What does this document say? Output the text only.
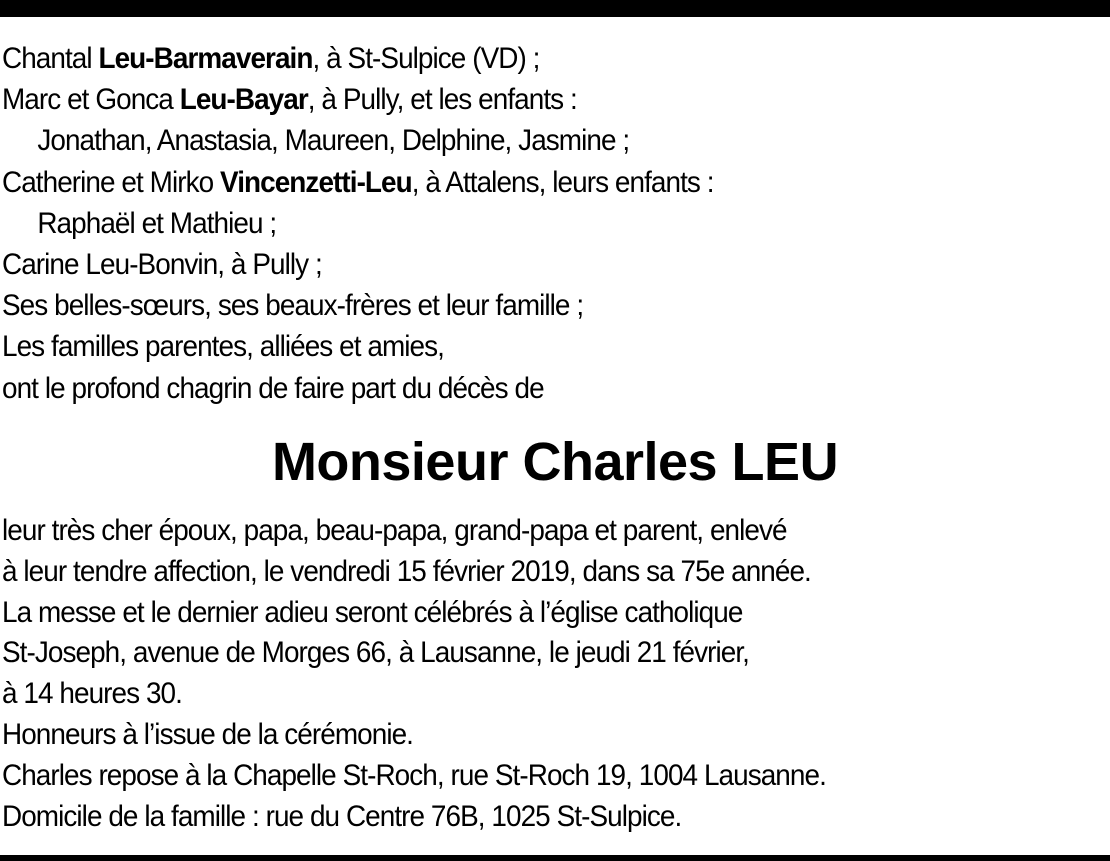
Chantal Leu-Barmaverain, à St-Sulpice (VD) ;
Marc et Gonca Leu-Bayar, à Pully, et les enfants :
Jonathan, Anastasia, Maureen, Delphine, Jasmine ;
Catherine et Mirko Vincenzetti-Leu, à Attalens, leurs enfants :
Raphaël et Mathieu ;
Carine Leu-Bonvin, à Pully ;
Ses belles-sœurs, ses beaux-frères et leur famille ;
Les familles parentes, alliées et amies,
ont le profond chagrin de faire part du décès de
Monsieur Charles LEU
leur très cher époux, papa, beau-papa, grand-papa et parent, enlevé
à leur tendre affection, le vendredi 15 février 2019, dans sa 75e année.
La messe et le dernier adieu seront célébrés à l’église catholique
St-Joseph, avenue de Morges 66, à Lausanne, le jeudi 21 février,
à 14 heures 30.
Honneurs à l’issue de la cérémonie.
Charles repose à la Chapelle St-Roch, rue St-Roch 19, 1004 Lausanne.
Domicile de la famille : rue du Centre 76B, 1025 St-Sulpice.
